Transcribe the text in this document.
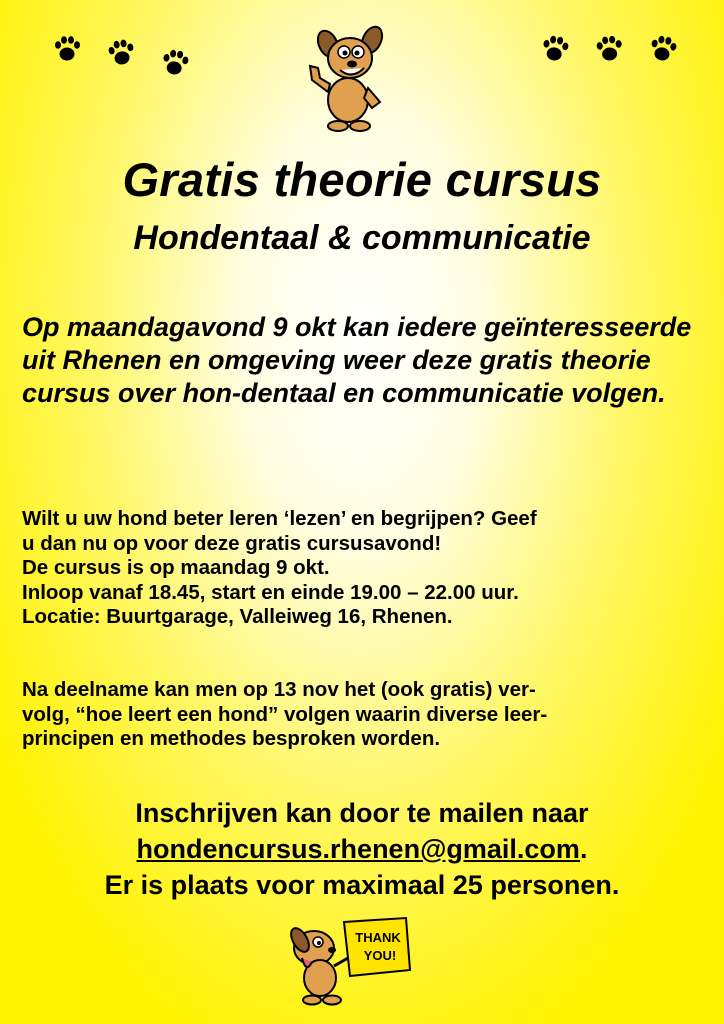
Gratis theorie cursus
Hondentaal & communicatie

Op maandagavond 9 okt kan iedere geïnteresseerde uit Rhenen en omgeving weer deze gratis theorie cursus over hon-dentaal en communicatie volgen.

Wilt u uw hond beter leren ‘lezen’ en begrijpen? Geef
u dan nu op voor deze gratis cursusavond!
De cursus is op maandag 9 okt.
Inloop vanaf 18.45, start en einde 19.00 – 22.00 uur.
Locatie: Buurtgarage, Valleiweg 16, Rhenen.
Na deelname kan men op 13 nov het (ook gratis) ver-
volg, “hoe leert een hond” volgen waarin diverse leer-
principen en methodes besproken worden.
Inschrijven kan door te mailen naar
hondencursus.rhenen@gmail.com.
Er is plaats voor maximaal 25 personen.
THANK
YOU!
